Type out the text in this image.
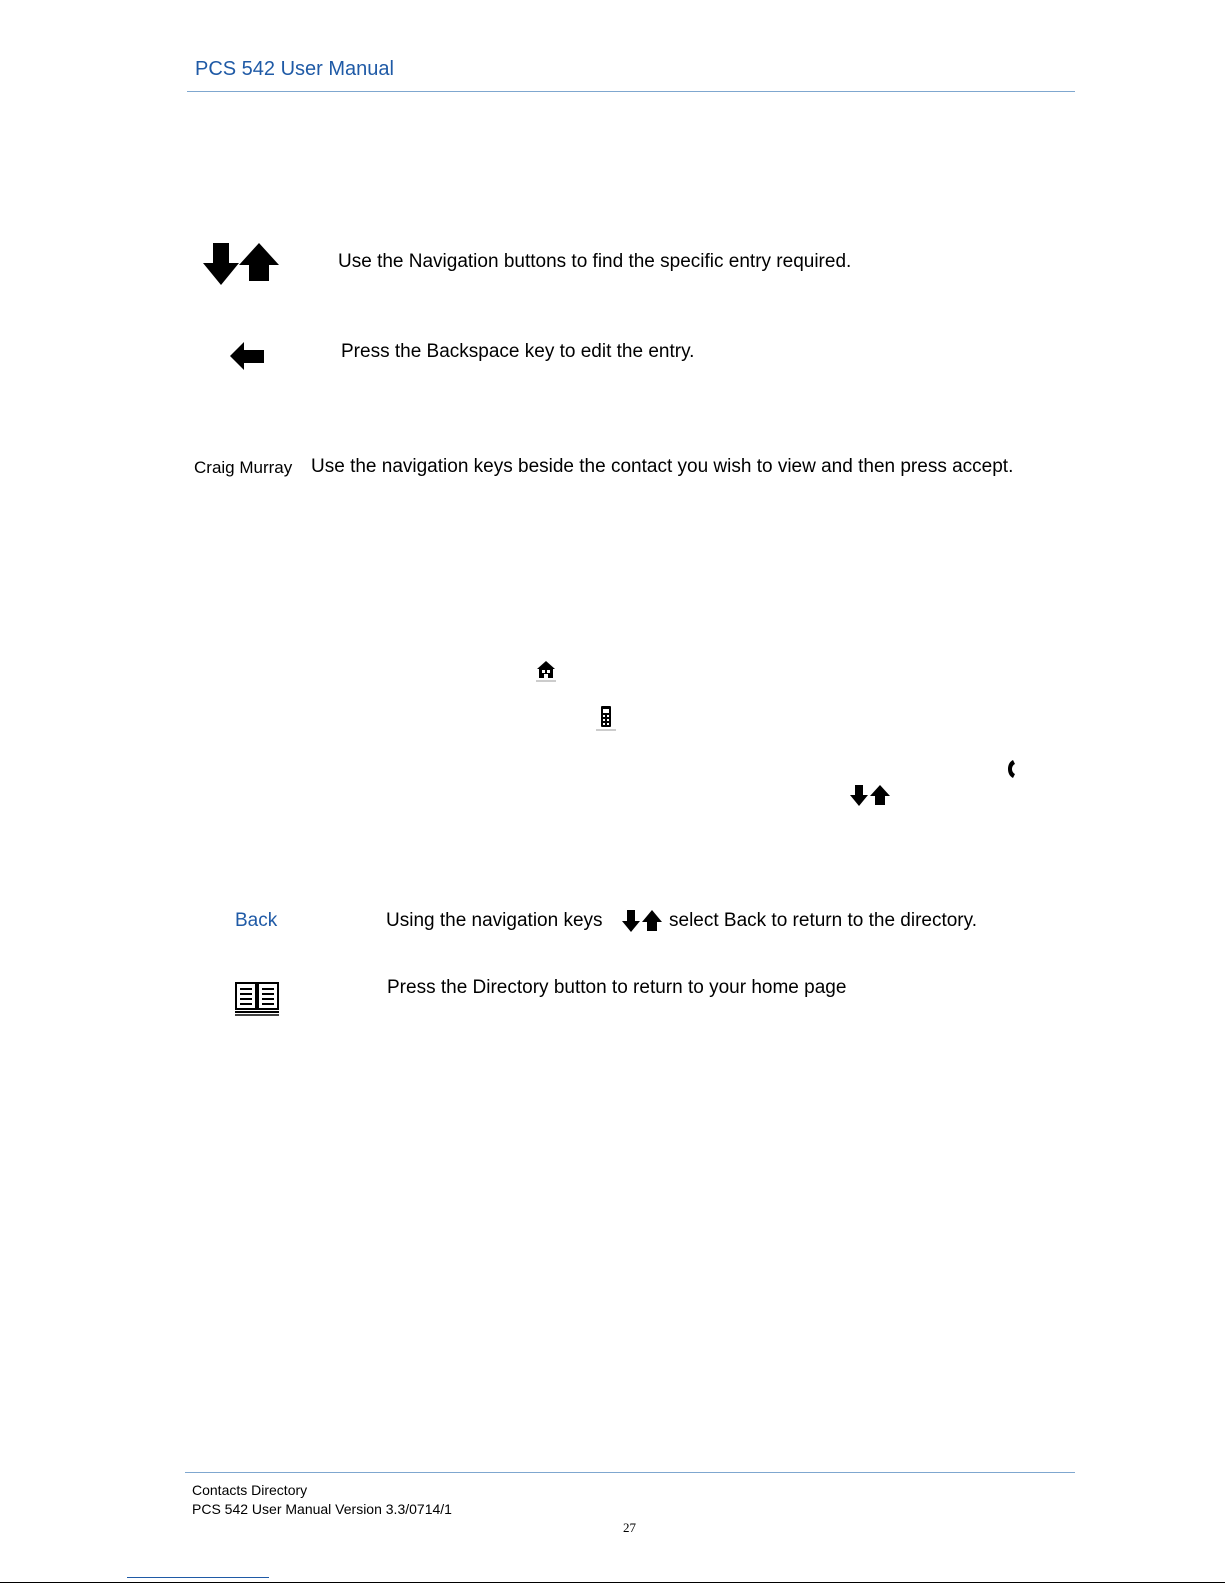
PCS 542 User Manual
Use the Navigation buttons to find the specific entry required.
Press the Backspace key to edit the entry.
Craig Murray Use the navigation keys beside the contact you wish to view and then press accept.
Back	Using the navigation keys	select Back to return to the directory.
Press the Directory button to return to your home page
Contacts Directory
PCS 542 User Manual Version 3.3/0714/1
27
